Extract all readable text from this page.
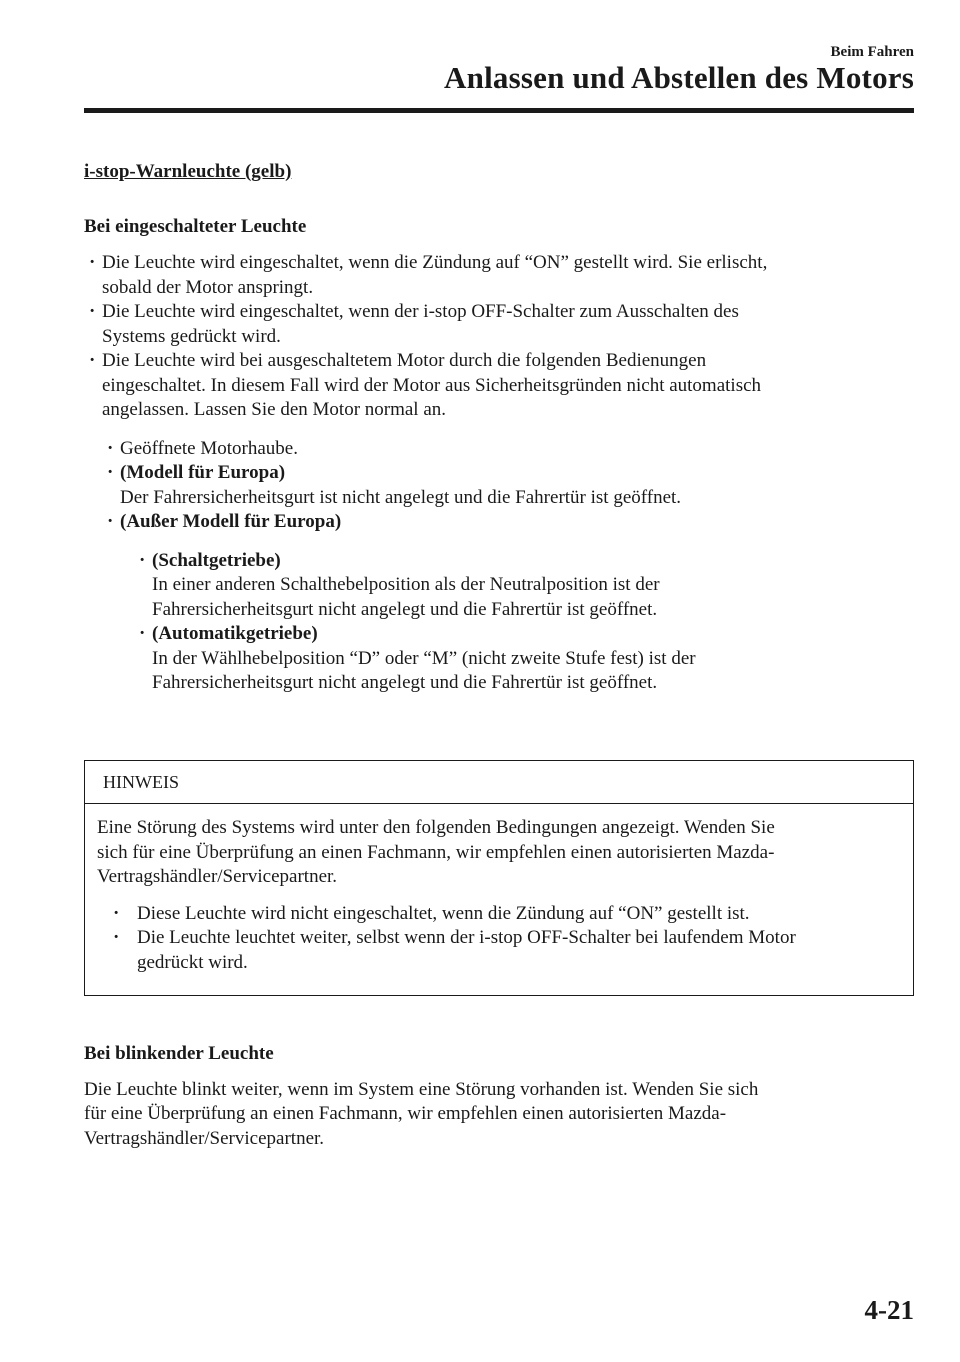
Beim Fahren
Anlassen und Abstellen des Motors
i-stop-Warnleuchte (gelb)
Bei eingeschalteter Leuchte
· Die Leuchte wird eingeschaltet, wenn die Zündung auf “ON” gestellt wird. Sie erlischt,
sobald der Motor anspringt.
· Die Leuchte wird eingeschaltet, wenn der i-stop OFF-Schalter zum Ausschalten des
Systems gedrückt wird.
· Die Leuchte wird bei ausgeschaltetem Motor durch die folgenden Bedienungen
eingeschaltet. In diesem Fall wird der Motor aus Sicherheitsgründen nicht automatisch
angelassen. Lassen Sie den Motor normal an.
· Geöffnete Motorhaube.
· (Modell für Europa)
Der Fahrersicherheitsgurt ist nicht angelegt und die Fahrertür ist geöffnet.
· (Außer Modell für Europa)
· (Schaltgetriebe)
In einer anderen Schalthebelposition als der Neutralposition ist der
Fahrersicherheitsgurt nicht angelegt und die Fahrertür ist geöffnet.
· (Automatikgetriebe)
In der Wählhebelposition “D” oder “M” (nicht zweite Stufe fest) ist der
Fahrersicherheitsgurt nicht angelegt und die Fahrertür ist geöffnet.
HINWEIS
Eine Störung des Systems wird unter den folgenden Bedingungen angezeigt. Wenden Sie
sich für eine Überprüfung an einen Fachmann, wir empfehlen einen autorisierten Mazda-
Vertragshändler/Servicepartner.
· Diese Leuchte wird nicht eingeschaltet, wenn die Zündung auf “ON” gestellt ist.
· Die Leuchte leuchtet weiter, selbst wenn der i-stop OFF-Schalter bei laufendem Motor
gedrückt wird.
Bei blinkender Leuchte
Die Leuchte blinkt weiter, wenn im System eine Störung vorhanden ist. Wenden Sie sich
für eine Überprüfung an einen Fachmann, wir empfehlen einen autorisierten Mazda-
Vertragshändler/Servicepartner.
4-21
